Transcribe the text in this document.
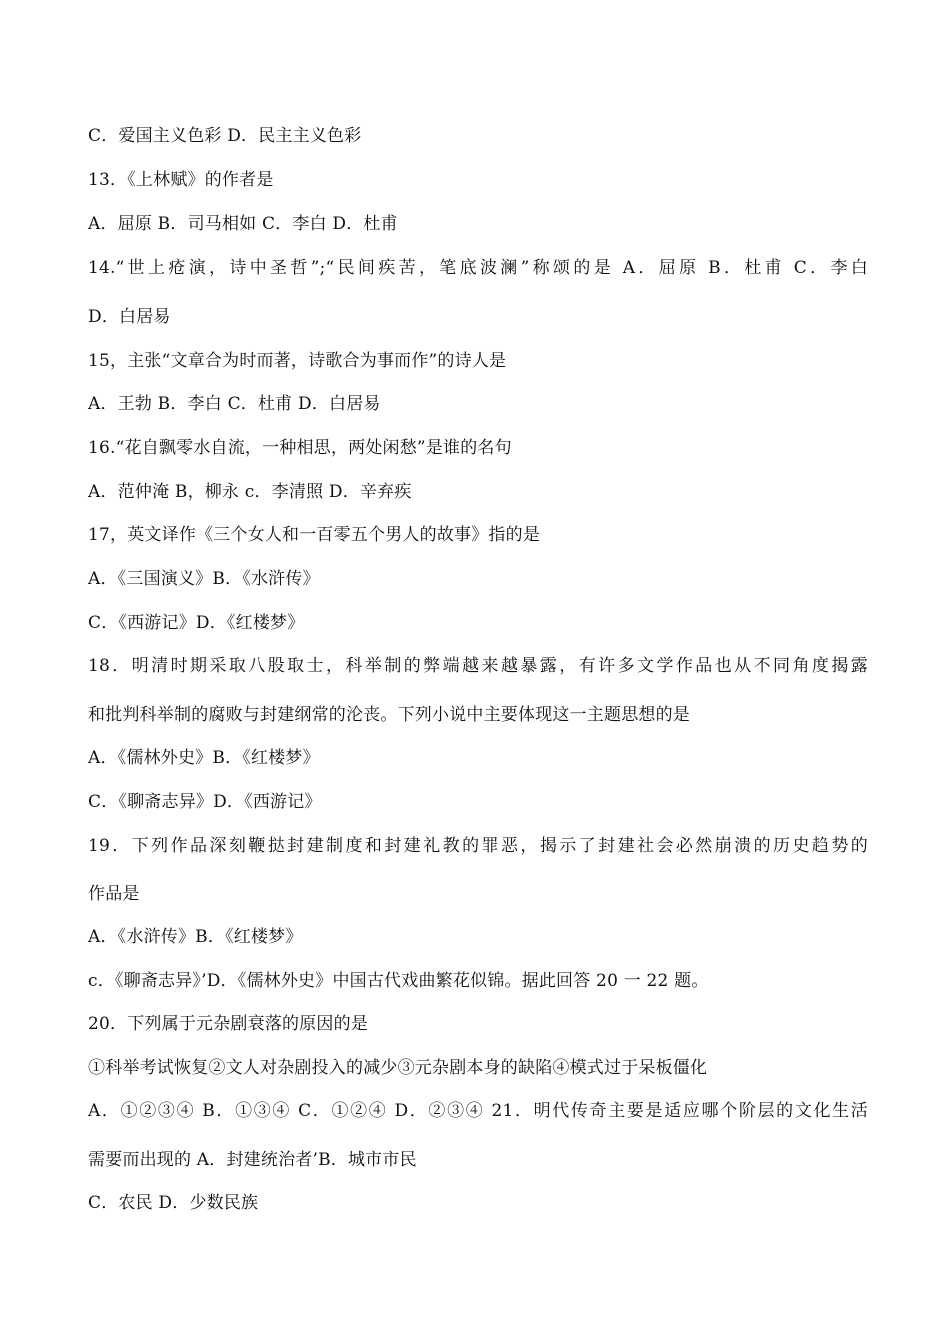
C．爱国主义色彩 D．民主主义色彩
13．《上林赋》的作者是
A．屈原 B．司马相如 C．李白 D．杜甫
14.“世上疮演，诗中圣哲”;“民间疾苦，笔底波澜”称颂的是 A．屈原 B．杜甫 C．李白
D．白居易
15，主张“文章合为时而著，诗歌合为事而作”的诗人是
A．王勃 B．李白 C．杜甫 D．白居易
16.“花自飘零水自流，一种相思，两处闲愁”是谁的名句
A．范仲淹 B，柳永 c．李清照 D．辛弃疾
17，英文译作《三个女人和一百零五个男人的故事》指的是
A．《三国演义》B．《水浒传》
C．《西游记》D．《红楼梦》
18．明清时期采取八股取士，科举制的弊端越来越暴露，有许多文学作品也从不同角度揭露
和批判科举制的腐败与封建纲常的沦丧。下列小说中主要体现这一主题思想的是
A．《儒林外史》B．《红楼梦》
C．《聊斋志异》D．《西游记》
19．下列作品深刻鞭挞封建制度和封建礼教的罪恶，揭示了封建社会必然崩溃的历史趋势的
作品是
A．《水浒传》B．《红楼梦》
c．《聊斋志异》’D．《儒林外史》中国古代戏曲繁花似锦。据此回答 20 一 22 题。
20．下列属于元杂剧衰落的原因的是
①科举考试恢复②文人对杂剧投入的减少③元杂剧本身的缺陷④模式过于呆板僵化
A．①②③④ B．①③④ C．①②④ D．②③④ 21．明代传奇主要是适应哪个阶层的文化生活
需要而出现的 A．封建统治者’B．城市市民
C．农民 D．少数民族
